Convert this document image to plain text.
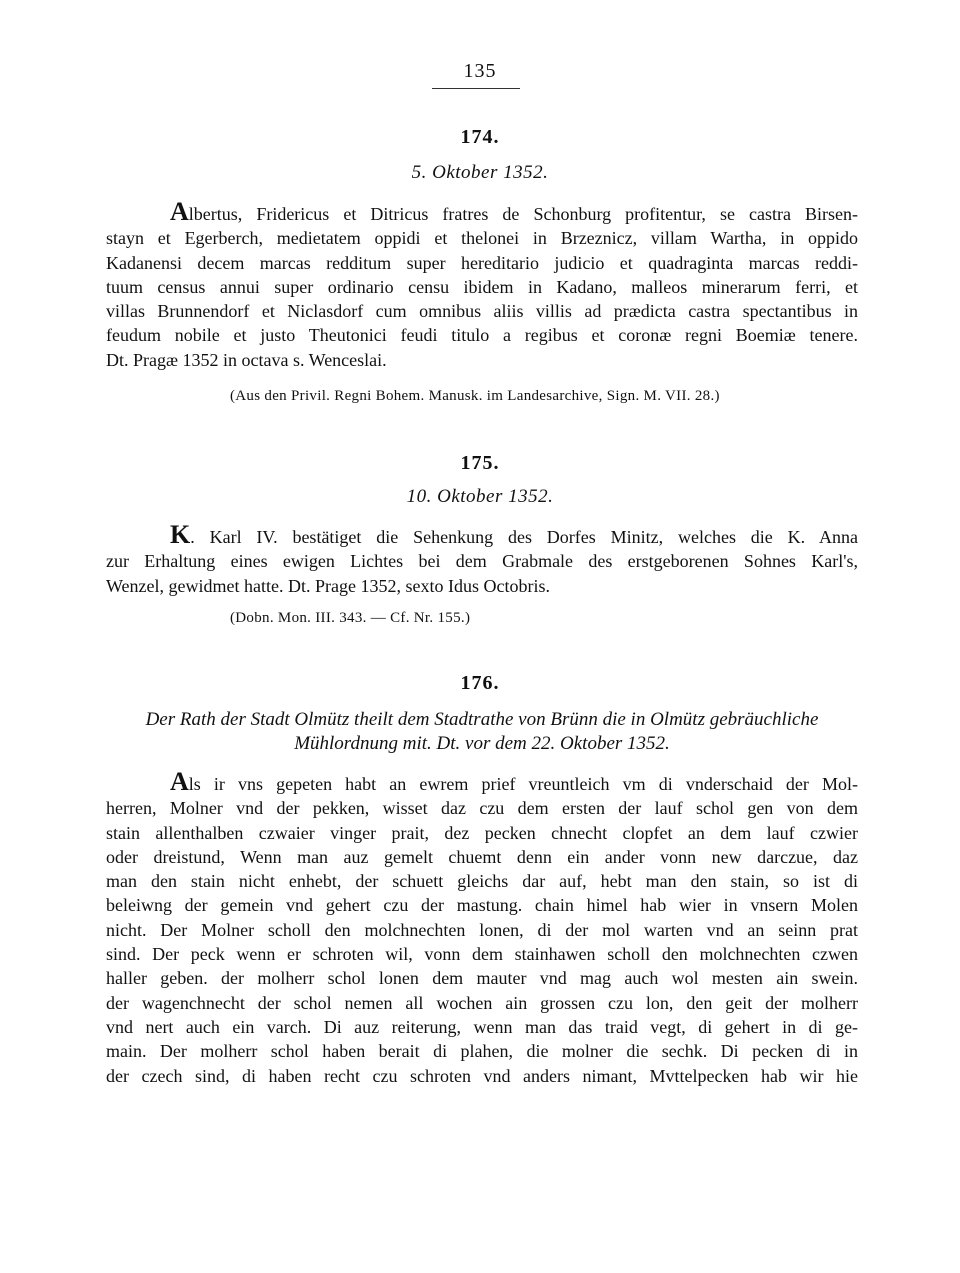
135
174.
5. Oktober 1352.
Albertus, Fridericus et Ditricus fratres de Schonburg profitentur, se castra Birsen-
stayn et Egerberch, medietatem oppidi et thelonei in Brzeznicz, villam Wartha, in oppido
Kadanensi decem marcas redditum super hereditario judicio et quadraginta marcas reddi-
tuum census annui super ordinario censu ibidem in Kadano, malleos minerarum ferri, et
villas Brunnendorf et Niclasdorf cum omnibus aliis villis ad prædicta castra spectantibus in
feudum nobile et justo Theutonici feudi titulo a regibus et coronæ regni Boemiæ tenere.
Dt. Pragæ 1352 in octava s. Wenceslai.
(Aus den Privil. Regni Bohem. Manusk. im Landesarchive, Sign. M. VII. 28.)
175.
10. Oktober 1352.
K. Karl IV. bestätiget die Sehenkung des Dorfes Minitz, welches die K. Anna
zur Erhaltung eines ewigen Lichtes bei dem Grabmale des erstgeborenen Sohnes Karl's,
Wenzel, gewidmet hatte. Dt. Prage 1352, sexto Idus Octobris.
(Dobn. Mon. III. 343. — Cf. Nr. 155.)
176.
Der Rath der Stadt Olmütz theilt dem Stadtrathe von Brünn die in Olmütz gebräuchliche
Mühlordnung mit. Dt. vor dem 22. Oktober 1352.
Als ir vns gepeten habt an ewrem prief vreuntleich vm di vnderschaid der Mol-
herren, Molner vnd der pekken, wisset daz czu dem ersten der lauf schol gen von dem
stain allenthalben czwaier vinger prait, dez pecken chnecht clopfet an dem lauf czwier
oder dreistund, Wenn man auz gemelt chuemt denn ein ander vonn new darczue, daz
man den stain nicht enhebt, der schuett gleichs dar auf, hebt man den stain, so ist di
beleiwng der gemein vnd gehert czu der mastung. chain himel hab wier in vnsern Molen
nicht. Der Molner scholl den molchnechten lonen, di der mol warten vnd an seinn prat
sind. Der peck wenn er schroten wil, vonn dem stainhawen scholl den molchnechten czwen
haller geben. der molherr schol lonen dem mauter vnd mag auch wol mesten ain swein.
der wagenchnecht der schol nemen all wochen ain grossen czu lon, den geit der molherr
vnd nert auch ein varch. Di auz reiterung, wenn man das traid vegt, di gehert in di ge-
main. Der molherr schol haben berait di plahen, die molner die sechk. Di pecken di in
der czech sind, di haben recht czu schroten vnd anders nimant, Mvttelpecken hab wir hie
